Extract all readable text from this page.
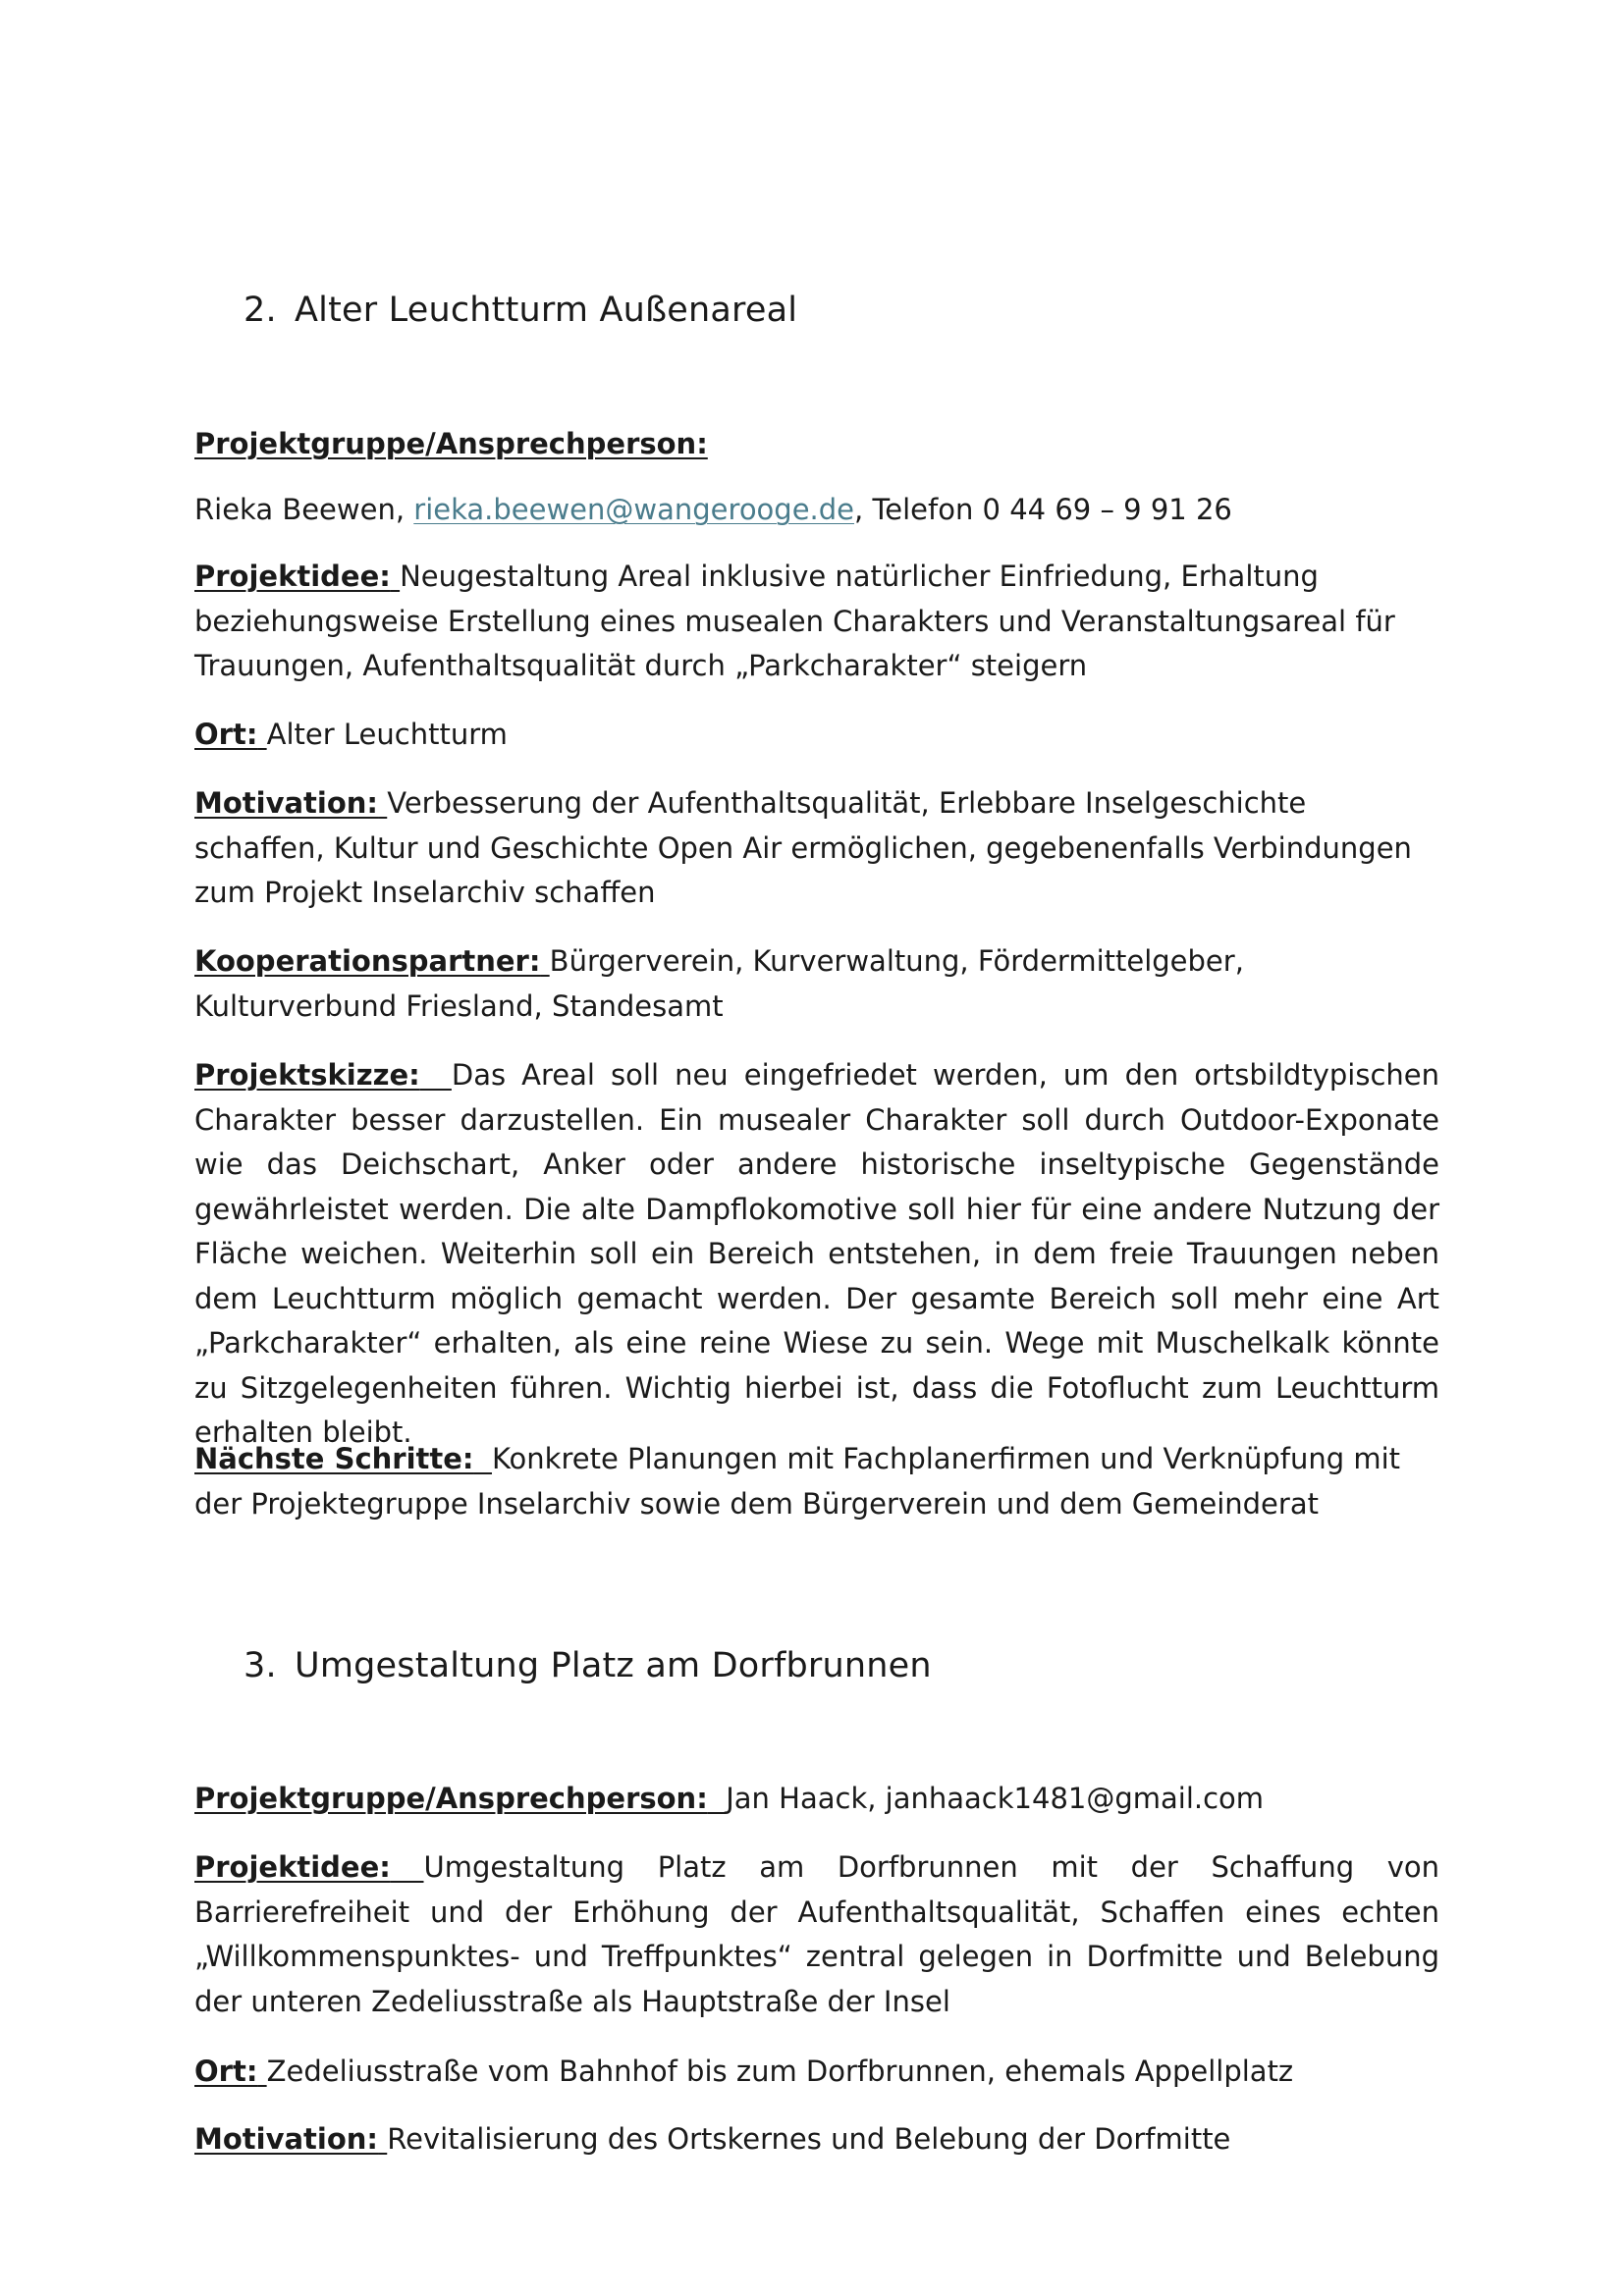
2. Alter Leuchtturm Außenareal

Projektgruppe/Ansprechperson:

Rieka Beewen, rieka.beewen@wangerooge.de, Telefon 0 44 69 – 9 91 26

Projektidee: Neugestaltung Areal inklusive natürlicher Einfriedung, Erhaltung beziehungsweise Erstellung eines musealen Charakters und Veranstaltungsareal für Trauungen, Aufenthaltsqualität durch „Parkcharakter“ steigern

Ort: Alter Leuchtturm

Motivation: Verbesserung der Aufenthaltsqualität, Erlebbare Inselgeschichte schaffen, Kultur und Geschichte Open Air ermöglichen, gegebenenfalls Verbindungen zum Projekt Inselarchiv schaffen

Kooperationspartner: Bürgerverein, Kurverwaltung, Fördermittelgeber, Kulturverbund Friesland, Standesamt

Projektskizze: Das Areal soll neu eingefriedet werden, um den ortsbildtypischen Charakter besser darzustellen. Ein musealer Charakter soll durch Outdoor-Exponate wie das Deichschart, Anker oder andere historische inseltypische Gegenstände gewährleistet werden. Die alte Dampflokomotive soll hier für eine andere Nutzung der Fläche weichen. Weiterhin soll ein Bereich entstehen, in dem freie Trauungen neben dem Leuchtturm möglich gemacht werden. Der gesamte Bereich soll mehr eine Art „Parkcharakter“ erhalten, als eine reine Wiese zu sein. Wege mit Muschelkalk könnte zu Sitzgelegenheiten führen. Wichtig hierbei ist, dass die Fotoflucht zum Leuchtturm erhalten bleibt.

Nächste Schritte: Konkrete Planungen mit Fachplanerfirmen und Verknüpfung mit der Projektegruppe Inselarchiv sowie dem Bürgerverein und dem Gemeinderat

3. Umgestaltung Platz am Dorfbrunnen

Projektgruppe/Ansprechperson: Jan Haack, janhaack1481@gmail.com

Projektidee: Umgestaltung Platz am Dorfbrunnen mit der Schaffung von Barrierefreiheit und der Erhöhung der Aufenthaltsqualität, Schaffen eines echten „Willkommenspunktes- und Treffpunktes“ zentral gelegen in Dorfmitte und Belebung der unteren Zedeliusstraße als Hauptstraße der Insel

Ort: Zedeliusstraße vom Bahnhof bis zum Dorfbrunnen, ehemals Appellplatz

Motivation: Revitalisierung des Ortskernes und Belebung der Dorfmitte
